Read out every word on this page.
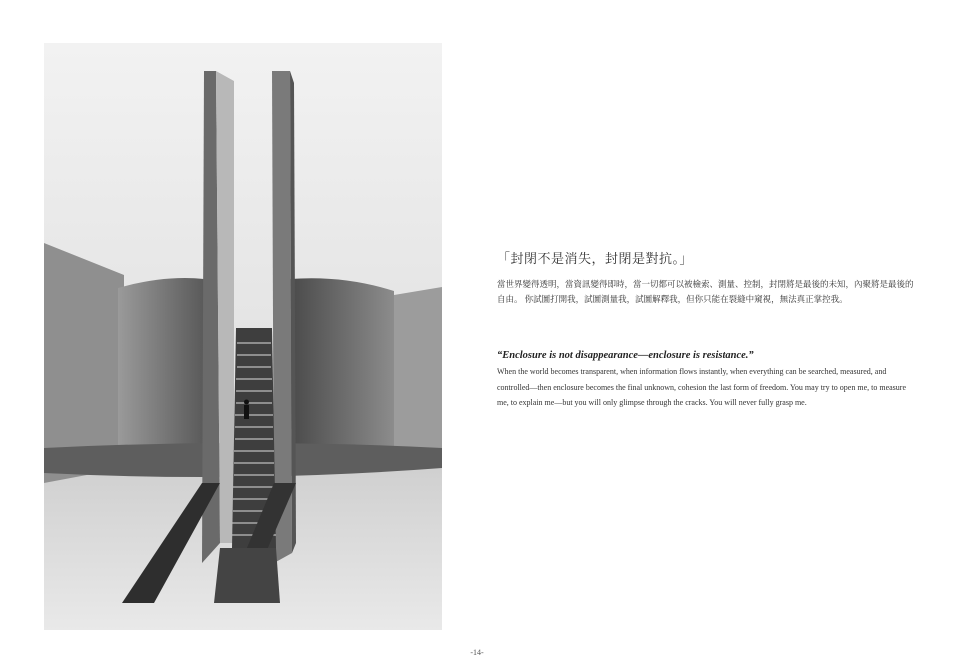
「封閉不是消失，封閉是對抗。」

當世界變得透明，當資訊變得即時，當一切都可以被檢索、測量、控制，封閉將是最後的未知，內聚將是最後的自由。 你試圖打開我，試圖測量我，試圖解釋我，但你只能在裂縫中窺視，無法真正掌控我。

“Enclosure is not disappearance—enclosure is resistance.”

When the world becomes transparent, when information flows instantly, when everything can be searched, measured, and controlled—then enclosure becomes the final unknown, cohesion the last form of freedom. You may try to open me, to measure me, to explain me—but you will only glimpse through the cracks. You will never fully grasp me.

-14-
